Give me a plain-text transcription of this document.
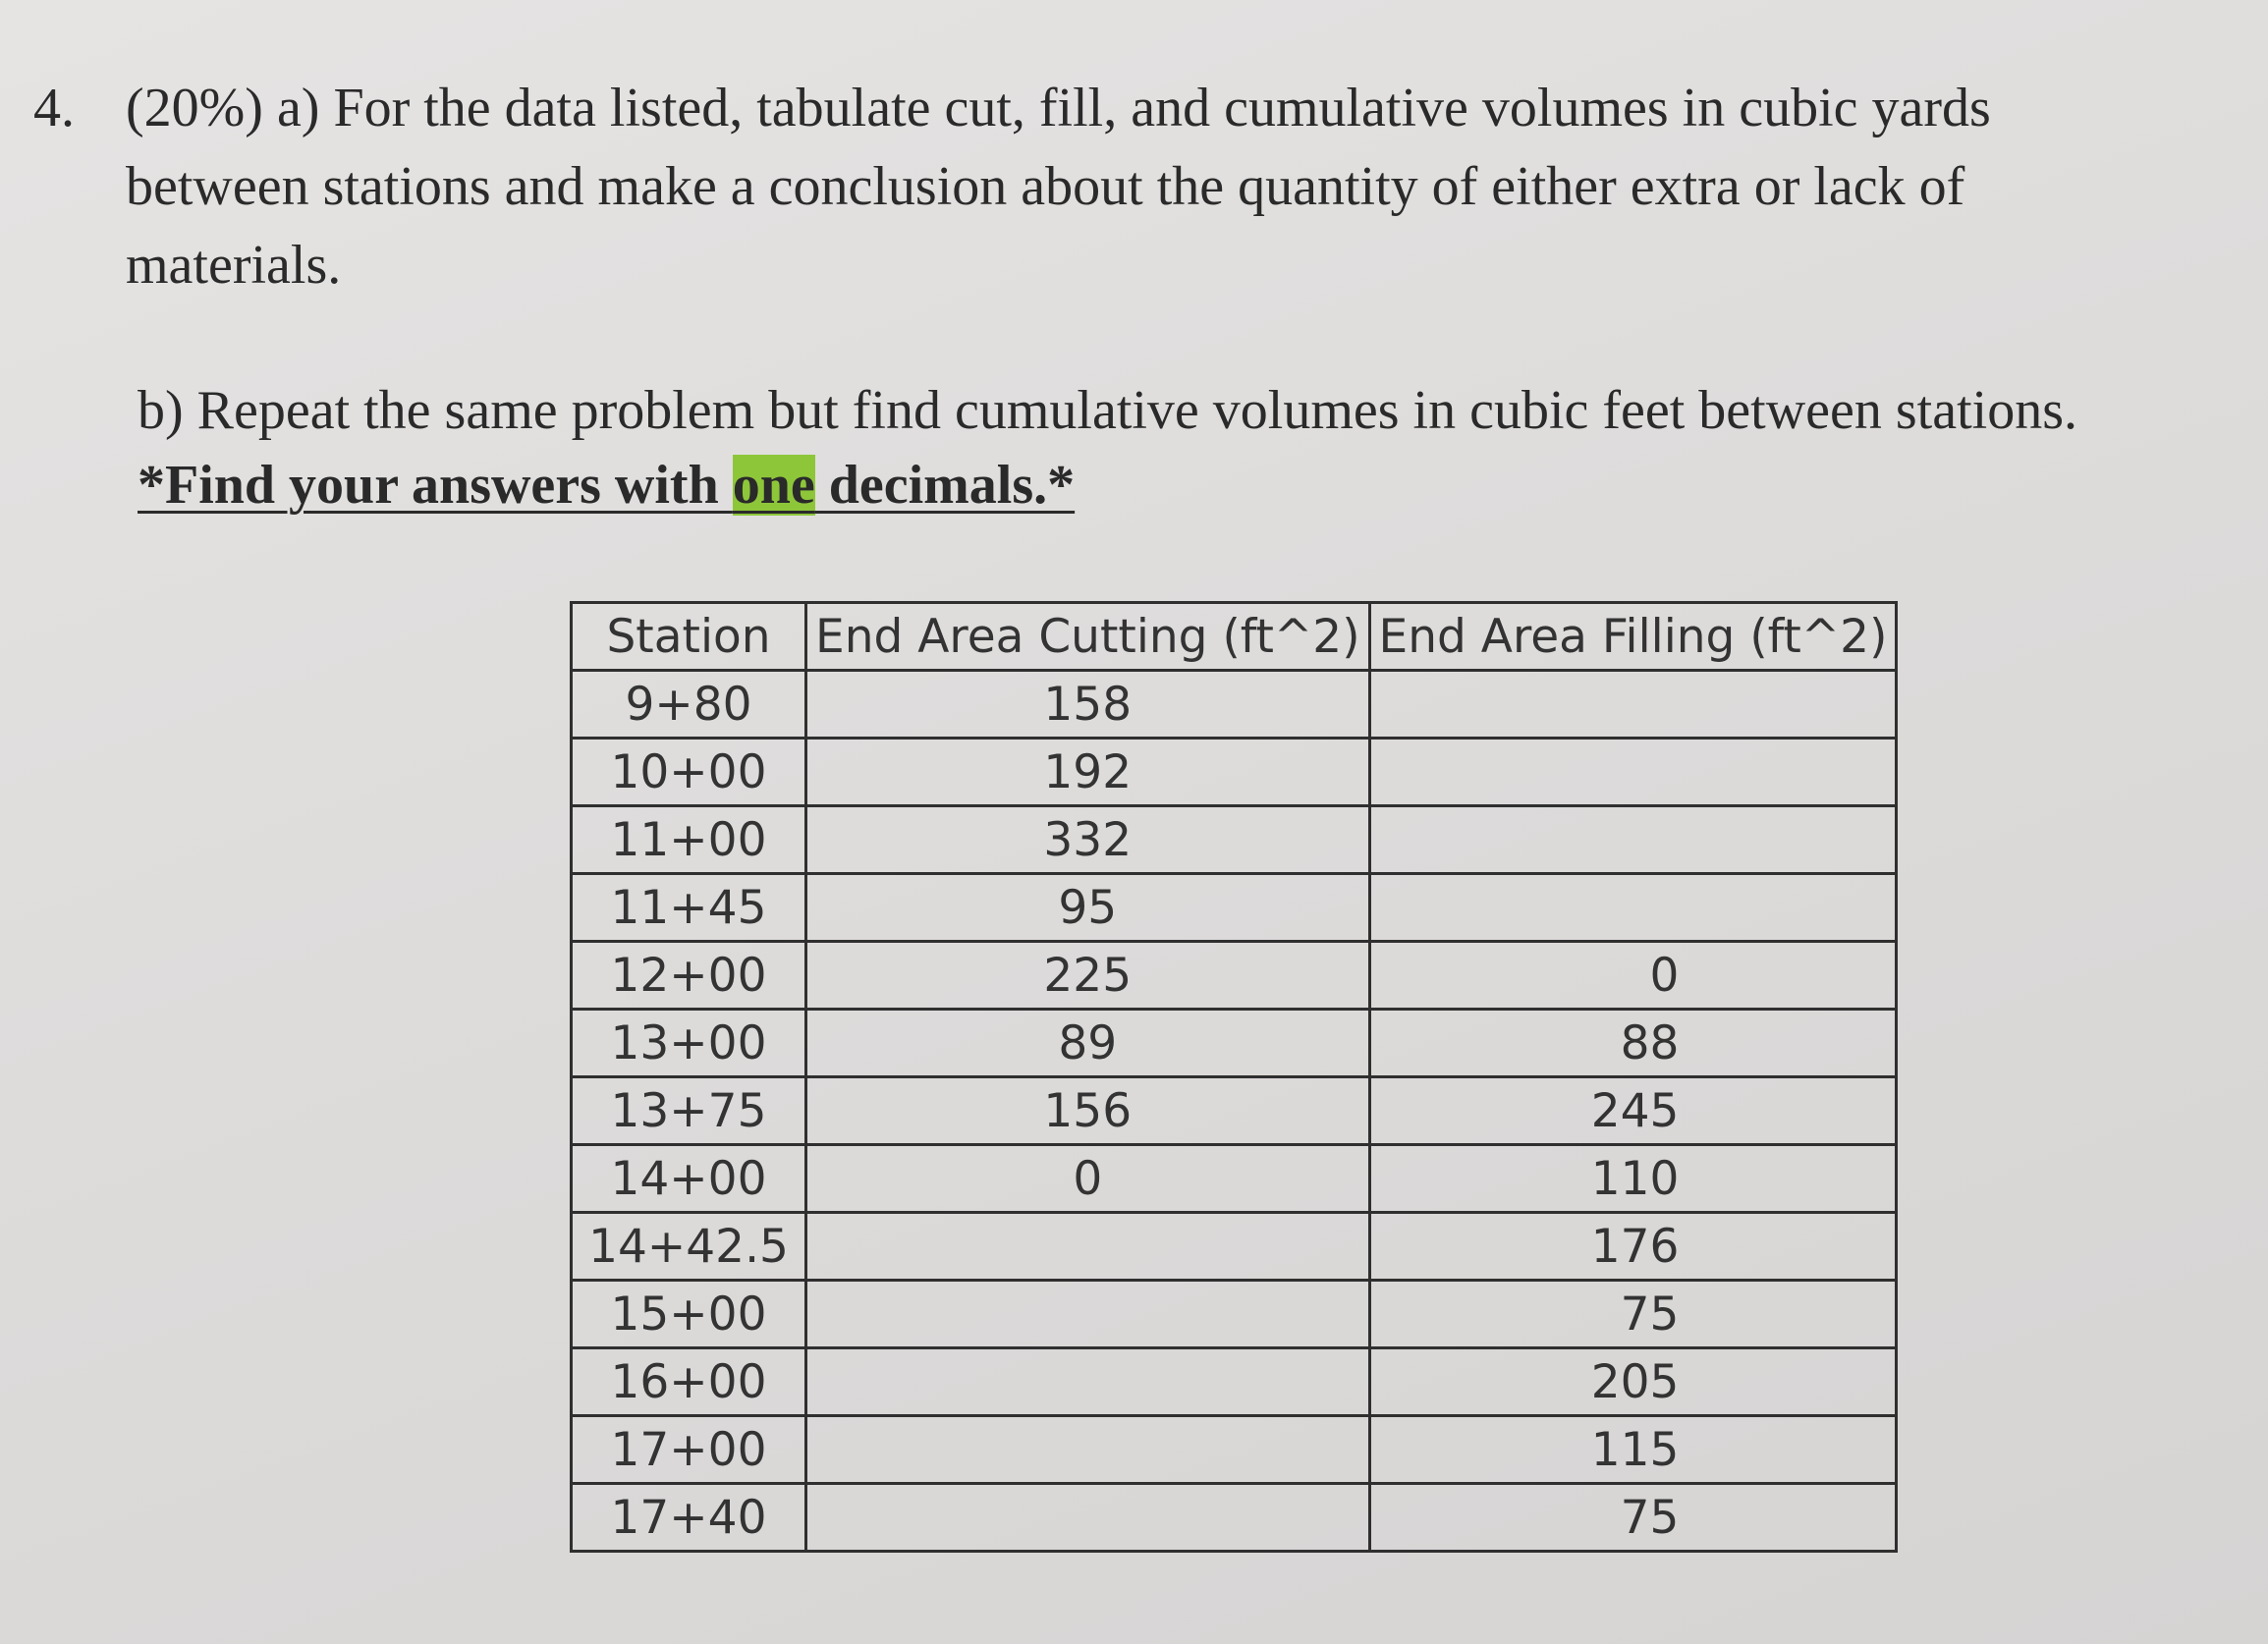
4. (20%) a) For the data listed, tabulate cut, fill, and cumulative volumes in cubic yards between stations and make a conclusion about the quantity of either extra or lack of materials.
b) Repeat the same problem but find cumulative volumes in cubic feet between stations.
*Find your answers with one decimals.*
Station	End Area Cutting (ft^2)	End Area Filling (ft^2)
9+80	158	
10+00	192	
11+00	332	
11+45	95	
12+00	225	0
13+00	89	88
13+75	156	245
14+00	0	110
14+42.5		176
15+00		75
16+00		205
17+00		115
17+40		75
